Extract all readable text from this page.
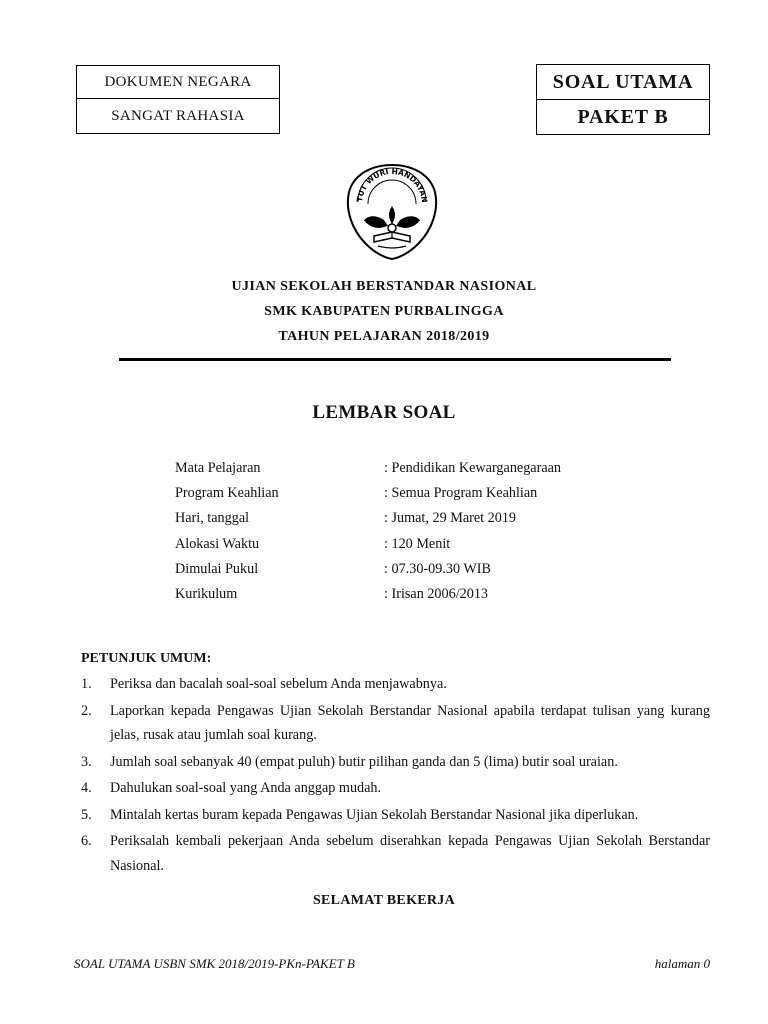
DOKUMEN NEGARA
SANGAT RAHASIA
SOAL UTAMA
PAKET B
TUT WURI HANDAYAN
UJIAN SEKOLAH BERSTANDAR NASIONAL
SMK KABUPATEN PURBALINGGA
TAHUN PELAJARAN 2018/2019
LEMBAR SOAL
Mata Pelajaran	: Pendidikan Kewarganegaraan
Program Keahlian	: Semua Program Keahlian
Hari, tanggal	: Jumat, 29 Maret 2019
Alokasi Waktu	: 120 Menit
Dimulai Pukul	: 07.30-09.30 WIB
Kurikulum	: Irisan 2006/2013
PETUNJUK UMUM:
1.	Periksa dan bacalah soal-soal sebelum Anda menjawabnya.
2.	Laporkan kepada Pengawas Ujian Sekolah Berstandar Nasional apabila terdapat tulisan yang kurang jelas, rusak atau jumlah soal kurang.
3.	Jumlah soal sebanyak 40 (empat puluh) butir pilihan ganda dan 5 (lima) butir soal uraian.
4.	Dahulukan soal-soal yang Anda anggap mudah.
5.	Mintalah kertas buram kepada Pengawas Ujian Sekolah Berstandar Nasional jika diperlukan.
6.	Periksalah kembali pekerjaan Anda sebelum diserahkan kepada Pengawas Ujian Sekolah Berstandar Nasional.
SELAMAT BEKERJA
SOAL UTAMA USBN SMK 2018/2019-PKn-PAKET B	halaman 0
